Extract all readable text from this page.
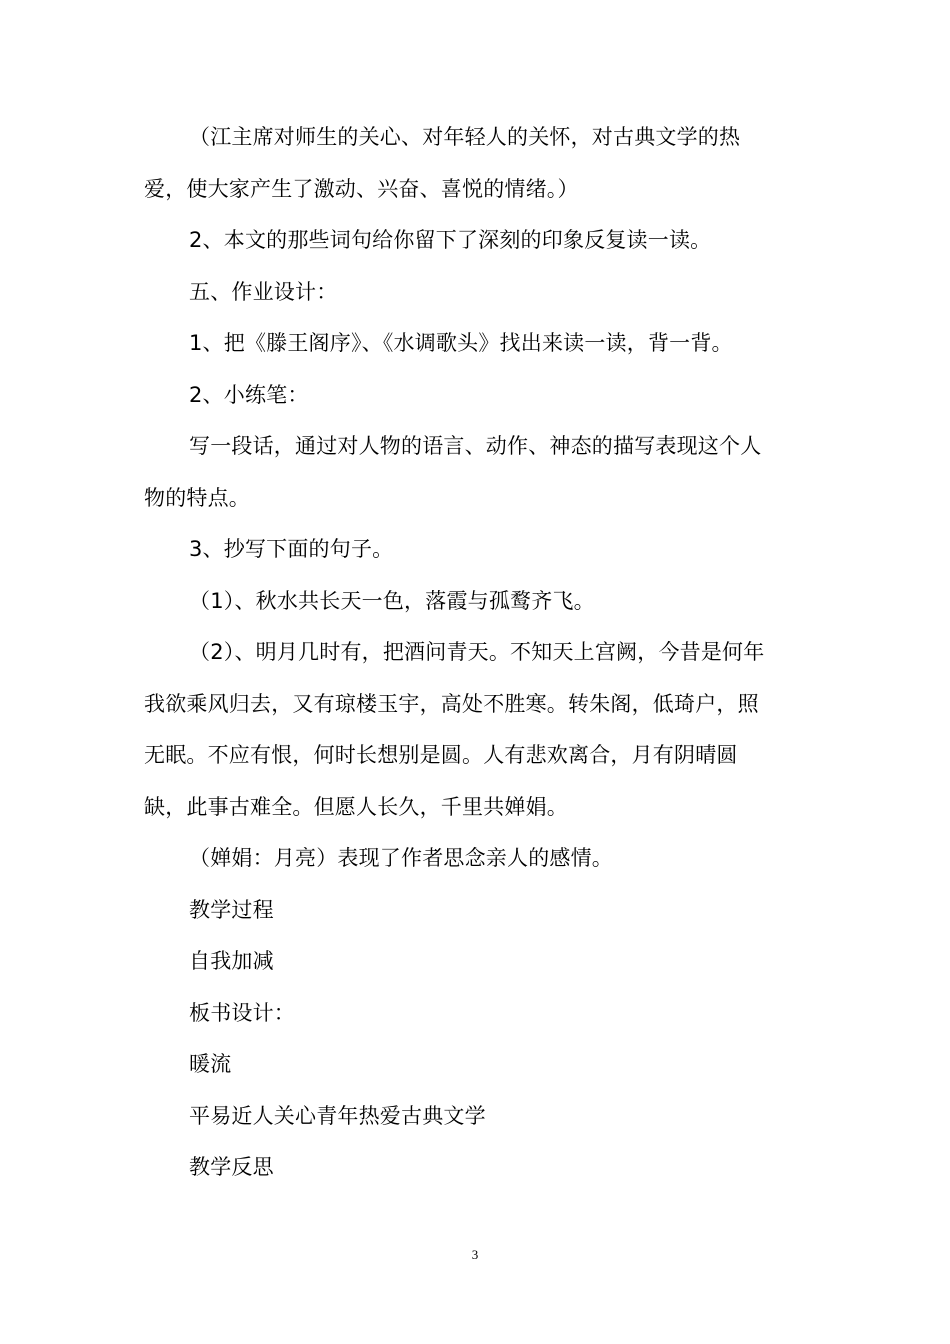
（江主席对师生的关心、对年轻人的关怀，对古典文学的热
爱，使大家产生了激动、兴奋、喜悦的情绪。）
2、本文的那些词句给你留下了深刻的印象反复读一读。
五、作业设计：
1、把《滕王阁序》、《水调歌头》找出来读一读，背一背。
2、小练笔：
写一段话，通过对人物的语言、动作、神态的描写表现这个人
物的特点。
3、抄写下面的句子。
（1）、秋水共长天一色，落霞与孤鹜齐飞。
（2）、明月几时有，把酒问青天。不知天上宫阙，今昔是何年
我欲乘风归去，又有琼楼玉宇，高处不胜寒。转朱阁，低琦户，照
无眠。不应有恨，何时长想别是圆。人有悲欢离合，月有阴晴圆
缺，此事古难全。但愿人长久，千里共婵娟。
（婵娟：月亮）表现了作者思念亲人的感情。
教学过程
自我加减
板书设计：
暖流
平易近人关心青年热爱古典文学
教学反思
3
